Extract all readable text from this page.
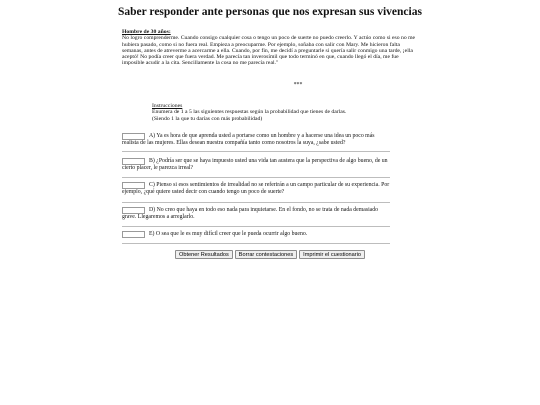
Saber responder ante personas que nos expresan sus vivencias
Hombre de 30 años:
No logro comprenderme. Cuando consigo cualquier cosa o tengo un poco de suerte no puedo creerlo. Y actúo como si eso no me hubiera pasado, como si no fuera real. Empieza a preocuparme. Por ejemplo, soñaba con salir con Mary. Me hicieron falta semanas, antes de atreverme a acercarme a ella. Cuando, por fin, me decidí a preguntarle si quería salir conmigo una tarde, ¡ella aceptó! No podía creer que fuera verdad. Me parecía tan inverosímil que todo terminó en que, cuando llegó el día, me fue imposible acudir a la cita. Sencillamente la cosa no me parecía real."
***
Instrucciones
Enumera de 1 a 5 las siguientes respuestas según la probabilidad que tienes de darlas.
(Siendo 1 la que tu darías con más probabilidad)
A) Ya es hora de que aprenda usted a portarse como un hombre y a hacerse una idea un poco más realista de las mujeres. Ellas desean nuestra compañía tanto como nosotros la suya, ¿sabe usted?
B) ¿Podría ser que se haya impuesto usted una vida tan austera que la perspectiva de algo bueno, de un cierto placer, le parezca irreal?
C) Pienso si esos sentimientos de irrealidad no se referirán a un campo particular de su experiencia. Por ejemplo, ¿qué quiere usted decir con cuando tengo un poco de suerte?
D) No creo que haya en todo eso nada para inquietarse. En el fondo, no se trata de nada demasiado grave. Llegaremos a arreglarlo.
E) O sea que le es muy difícil creer que le pueda ocurrir algo bueno.
Obtener Resultados Borrar contestaciones Imprimir el cuestionario
